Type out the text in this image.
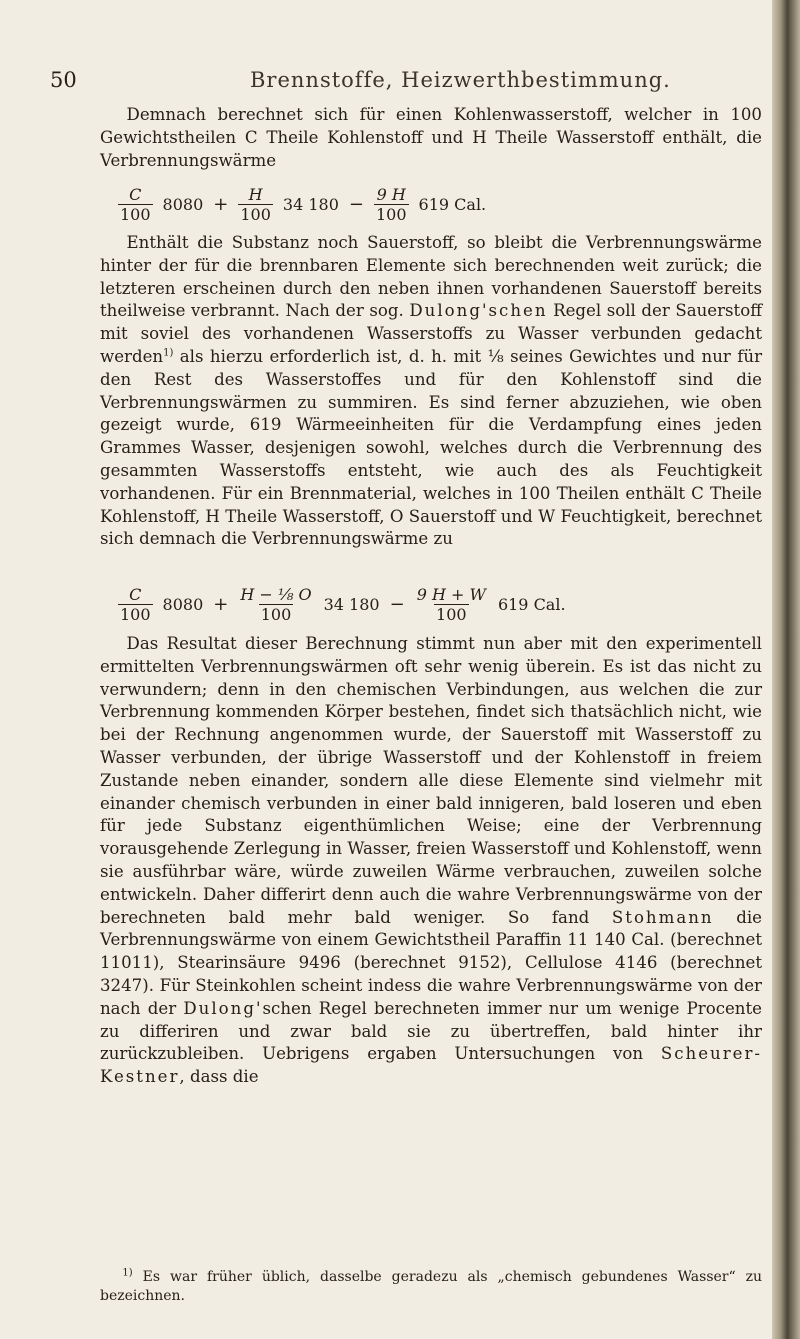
50	Brennstoffe, Heizwerthbestimmung.

Demnach berechnet sich für einen Kohlenwasserstoff, welcher in 100 Gewichtstheilen C Theile Kohlenstoff und H Theile Wasserstoff enthält, die Verbrennungswärme

$\frac{C}{100} 8080 + \frac{H}{100} 34$ $180 - \frac{9 H}{100} 619$ Cal.

Enthält die Substanz noch Sauerstoff, so bleibt die Verbrennungswärme hinter der für die brennbaren Elemente sich berechnenden weit zurück; die letzteren erscheinen durch den neben ihnen vorhandenen Sauerstoff bereits theilweise verbrannt. Nach der sog. Dulong'schen Regel soll der Sauerstoff mit soviel des vorhandenen Wasserstoffs zu Wasser verbunden gedacht werden$^{1)}$ als hierzu erforderlich ist, d. h. mit ⅛ seines Gewichtes und nur für den Rest des Wasserstoffes und für den Kohlenstoff sind die Verbrennungswärmen zu summiren. Es sind ferner abzuziehen, wie oben gezeigt wurde, 619 Wärmeeinheiten für die Verdampfung eines jeden Grammes Wasser, desjenigen sowohl, welches durch die Verbrennung des gesammten Wasserstoffs entsteht, wie auch des als Feuchtigkeit vorhandenen. Für ein Brennmaterial, welches in 100 Theilen enthält C Theile Kohlenstoff, H Theile Wasserstoff, O Sauerstoff und W Feuchtigkeit, berechnet sich demnach die Verbrennungswärme zu

$\frac{C}{100} 8080 + \frac{\text{H − ⅛ O}}{100} 34$ $180 - \frac{9 H + W}{100} 619$ Cal.

Das Resultat dieser Berechnung stimmt nun aber mit den experimentell ermittelten Verbrennungswärmen oft sehr wenig überein. Es ist das nicht zu verwundern; denn in den chemischen Verbindungen, aus welchen die zur Verbrennung kommenden Körper bestehen, findet sich thatsächlich nicht, wie bei der Rechnung angenommen wurde, der Sauerstoff mit Wasserstoff zu Wasser verbunden, der übrige Wasserstoff und der Kohlenstoff in freiem Zustande neben einander, sondern alle diese Elemente sind vielmehr mit einander chemisch verbunden in einer bald innigeren, bald loseren und eben für jede Substanz eigenthümlichen Weise; eine der Verbrennung vorausgehende Zerlegung in Wasser, freien Wasserstoff und Kohlenstoff, wenn sie ausführbar wäre, würde zuweilen Wärme verbrauchen, zuweilen solche entwickeln. Daher differirt denn auch die wahre Verbrennungswärme von der berechneten bald mehr bald weniger. So fand Stohmann die Verbrennungswärme von einem Gewichtstheil Paraffin 11 140 Cal. (berechnet 11011), Stearinsäure 9496 (berechnet 9152), Cellulose 4146 (berechnet 3247). Für Steinkohlen scheint indess die wahre Verbrennungswärme von der nach der Dulong'schen Regel berechneten immer nur um wenige Procente zu differiren und zwar bald sie zu übertreffen, bald hinter ihr zurückzubleiben. Uebrigens ergaben Untersuchungen von Scheurer-Kestner, dass die

$^{1)}$ Es war früher üblich, dasselbe geradezu als „chemisch gebundenes Wasser“ zu bezeichnen.
